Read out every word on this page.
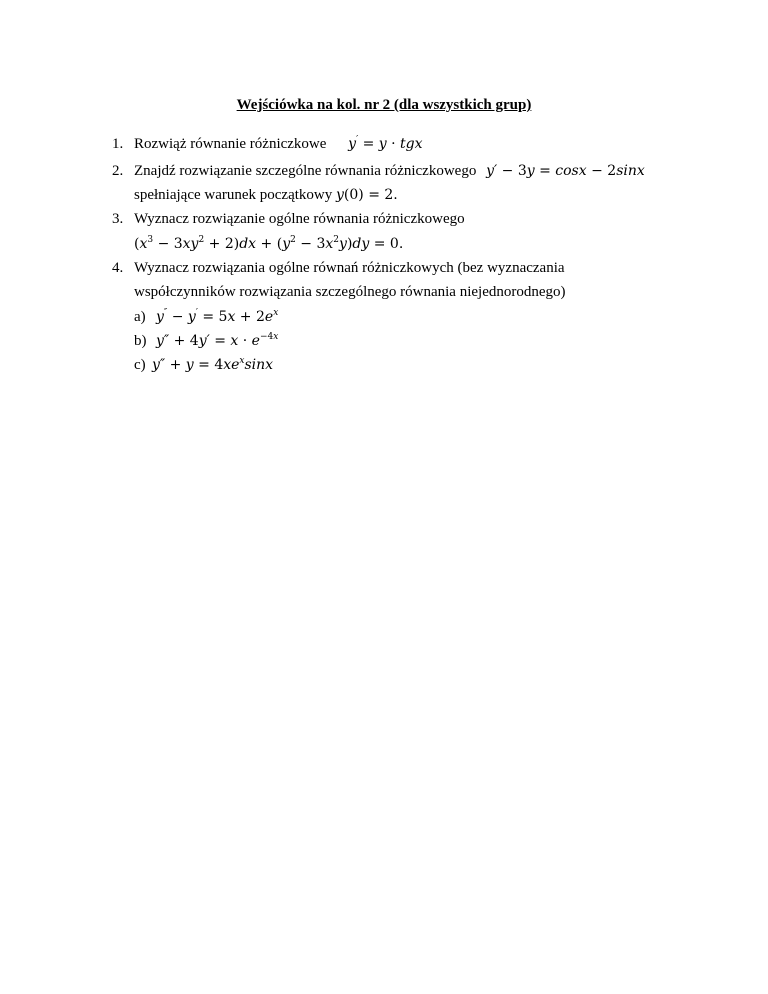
Wejściówka na kol. nr 2 (dla wszystkich grup)
1. Rozwiąż równanie różniczkowe y′ = y · tgx
2. Znajdź rozwiązanie szczególne równania różniczkowego y′ − 3y = cosx − 2sinx
spełniające warunek początkowy y(0) = 2.
3. Wyznacz rozwiązanie ogólne równania różniczkowego
$(x^3 - 3xy^2 + 2)dx + (y^2 - 3x^2y)dy = 0$.
4. Wyznacz rozwiązania ogólne równań różniczkowych (bez wyznaczania
współczynników rozwiązania szczególnego równania niejednorodnego)
a) $y'' - y' = 5x + 2e^x$
b) $y'' + 4y' = x \cdot e^{-4x}$
c) $y'' + y = 4xe^x\sin x$
